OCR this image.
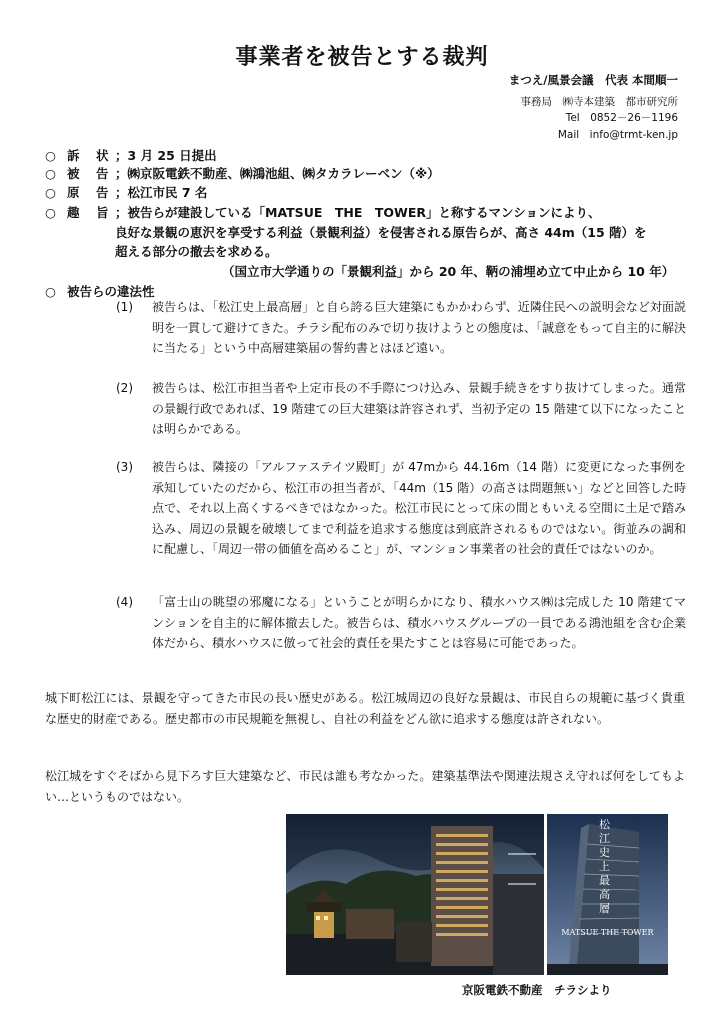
事業者を被告とする裁判
まつえ/風景会議　代表 本間順一
事務局　㈱寺本建築　都市研究所
Tel　0852－26－1196
Mail　info@trmt-ken.jp
○ 訴　状 ；3 月 25 日提出
○ 被　告 ；㈱京阪電鉄不動産、㈱鴻池組、㈱タカラレーベン（※）
○ 原　告 ；松江市民 7 名
○ 趣　旨 ；被告らが建設している「MATSUE　THE　TOWER」と称するマンションにより、
良好な景観の恵沢を享受する利益（景観利益）を侵害される原告らが、高さ 44m（15 階）を
超える部分の撤去を求める。
（国立市大学通りの「景観利益」から 20 年、鞆の浦埋め立て中止から 10 年）
○ 被告らの違法性
(1) 被告らは、「松江史上最高層」と自ら誇る巨大建築にもかかわらず、近隣住民への説明会など対面説明を一貫して避けてきた。チラシ配布のみで切り抜けようとの態度は、「誠意をもって自主的に解決に当たる」という中高層建築届の誓約書とはほど遠い。
(2) 被告らは、松江市担当者や上定市長の不手際につけ込み、景観手続きをすり抜けてしまった。通常の景観行政であれば、19 階建ての巨大建築は許容されず、当初予定の 15 階建て以下になったことは明らかである。
(3) 被告らは、隣接の「アルファステイツ殿町」が 47mから 44.16m（14 階）に変更になった事例を承知していたのだから、松江市の担当者が、「44m（15 階）の高さは問題無い」などと回答した時点で、それ以上高くするべきではなかった。松江市民にとって床の間ともいえる空間に土足で踏み込み、周辺の景観を破壊してまで利益を追求する態度は到底許されるものではない。街並みの調和に配慮し、「周辺一帯の価値を高めること」が、マンション事業者の社会的責任ではないのか。
(4) 「富士山の眺望の邪魔になる」ということが明らかになり、積水ハウス㈱は完成した 10 階建てマンションを自主的に解体撤去した。被告らは、積水ハウスグループの一員である鴻池組を含む企業体だから、積水ハウスに倣って社会的責任を果たすことは容易に可能であった。
城下町松江には、景観を守ってきた市民の長い歴史がある。松江城周辺の良好な景観は、市民自らの規範に基づく貴重な歴史的財産である。歴史都市の市民規範を無視し、自社の利益をどん欲に追求する態度は許されない。
松江城をすぐそばから見下ろす巨大建築など、市民は誰も考なかった。建築基準法や関連法規さえ守れば何をしてもよい…というものではない。
松江史上最高層
MATSUE THE TOWER
京阪電鉄不動産　チラシより
